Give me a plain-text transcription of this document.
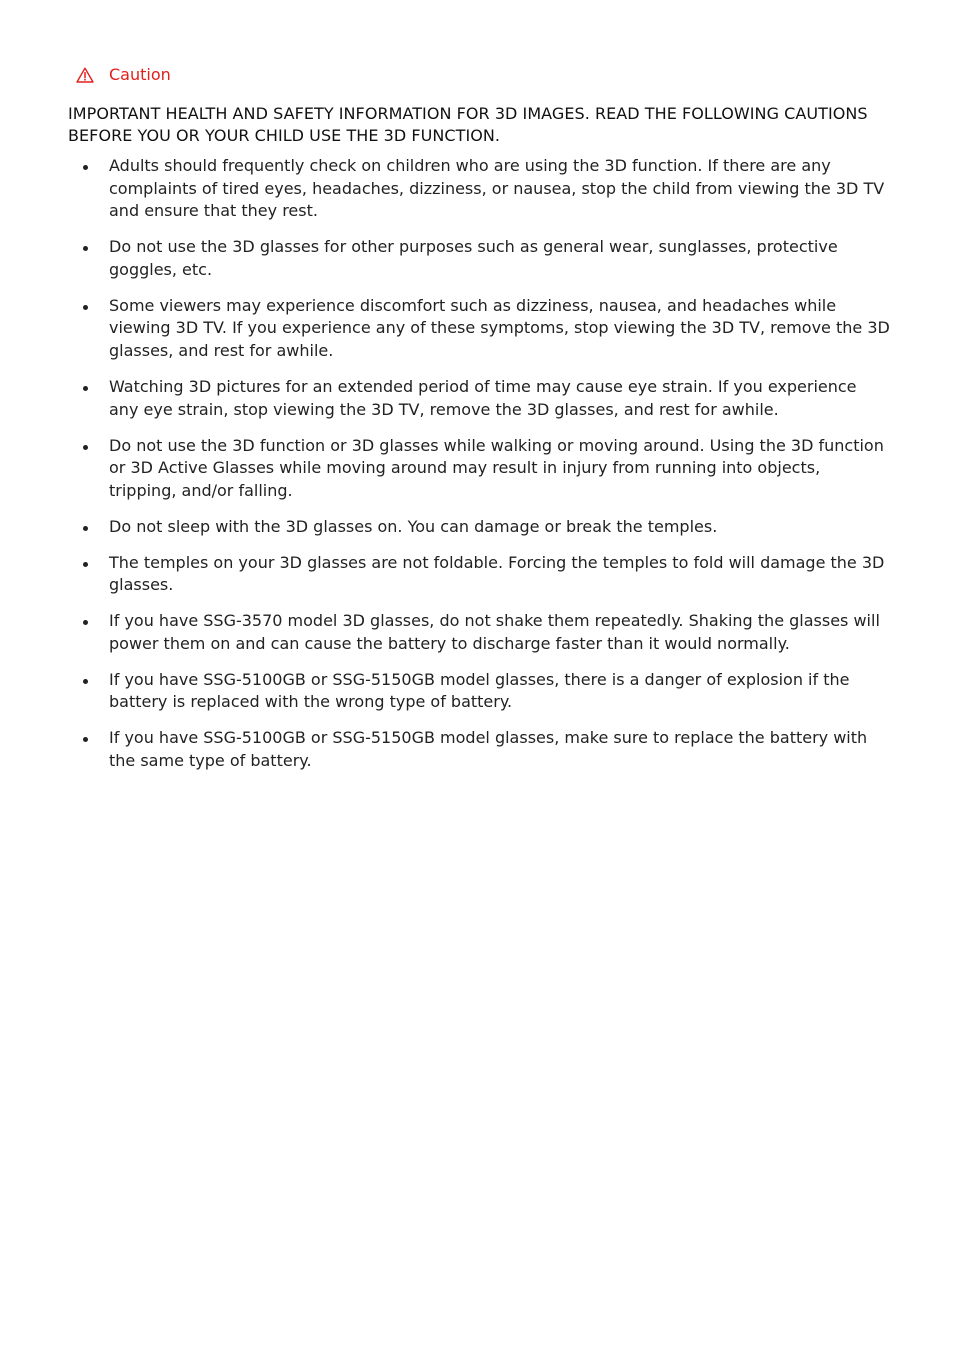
Caution
IMPORTANT HEALTH AND SAFETY INFORMATION FOR 3D IMAGES. READ THE FOLLOWING CAUTIONS BEFORE YOU OR YOUR CHILD USE THE 3D FUNCTION.
Adults should frequently check on children who are using the 3D function. If there are any complaints of tired eyes, headaches, dizziness, or nausea, stop the child from viewing the 3D TV and ensure that they rest.
Do not use the 3D glasses for other purposes such as general wear, sunglasses, protective goggles, etc.
Some viewers may experience discomfort such as dizziness, nausea, and headaches while viewing 3D TV. If you experience any of these symptoms, stop viewing the 3D TV, remove the 3D glasses, and rest for awhile.
Watching 3D pictures for an extended period of time may cause eye strain. If you experience any eye strain, stop viewing the 3D TV, remove the 3D glasses, and rest for awhile.
Do not use the 3D function or 3D glasses while walking or moving around. Using the 3D function or 3D Active Glasses while moving around may result in injury from running into objects, tripping, and/or falling.
Do not sleep with the 3D glasses on. You can damage or break the temples.
The temples on your 3D glasses are not foldable. Forcing the temples to fold will damage the 3D glasses.
If you have SSG-3570 model 3D glasses, do not shake them repeatedly. Shaking the glasses will power them on and can cause the battery to discharge faster than it would normally.
If you have SSG-5100GB or SSG-5150GB model glasses, there is a danger of explosion if the battery is replaced with the wrong type of battery.
If you have SSG-5100GB or SSG-5150GB model glasses, make sure to replace the battery with the same type of battery.
